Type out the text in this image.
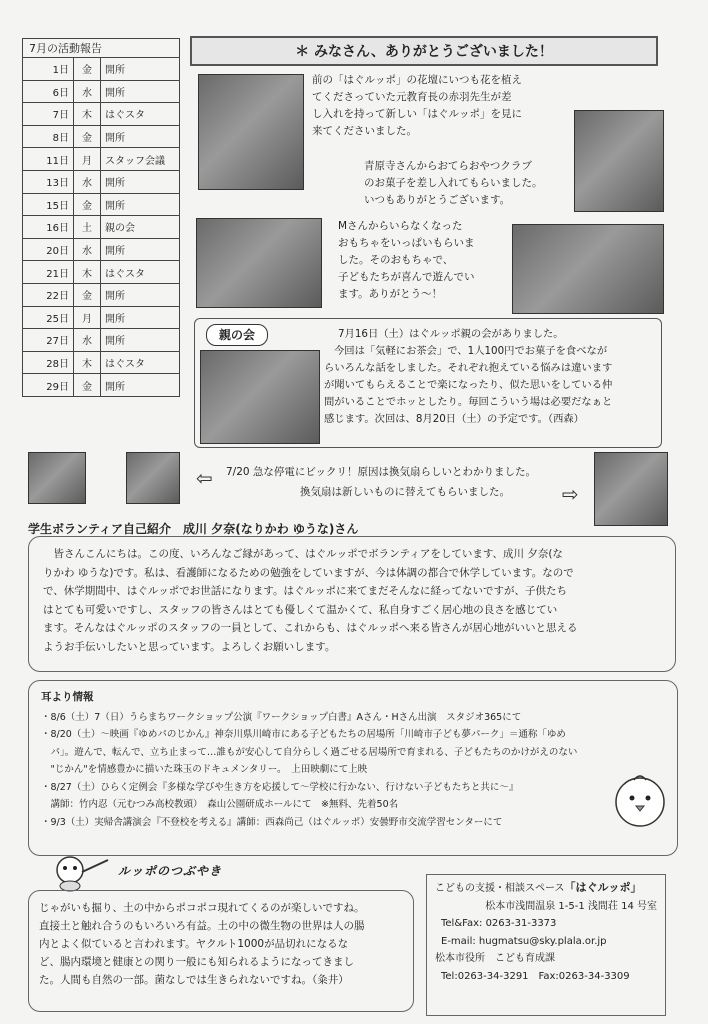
7月の活動報告
1日	金	開所
6日	水	開所
7日	木	はぐスタ
8日	金	開所
11日	月	スタッフ会議
13日	水	開所
15日	金	開所
16日	土	親の会
20日	水	開所
21日	木	はぐスタ
22日	金	開所
25日	月	開所
27日	水	開所
28日	木	はぐスタ
29日	金	開所
＊ みなさん、ありがとうございました！
前の「はぐルッポ」の花壇にいつも花を植え
てくださっていた元教育長の赤羽先生が差
し入れを持って新しい「はぐルッポ」を見に
来てくださいました。
青原寺さんからおてらおやつクラブ
のお菓子を差し入れてもらいました。
いつもありがとうございます。
Mさんからいらなくなった
おもちゃをいっぱいもらいま
した。そのおもちゃで、
子どもたちが喜んで遊んでい
ます。ありがとう～！
親の会	7月16日（土）はぐルッポ親の会がありました。
今回は「気軽にお茶会」で、1人100円でお菓子を食べなが
らいろんな話をしました。それぞれ抱えている悩みは違います
が聞いてもらえることで楽になったり、似た思いをしている仲
間がいることでホッとしたり。毎回こういう場は必要だなぁと
感じます。次回は、8月20日（土）の予定です。（西森）
⇦ 7/20 急な停電にビックリ！原因は換気扇らしいとわかりました。
換気扇は新しいものに替えてもらいました。	⇨
学生ボランティア自己紹介　成川 夕奈(なりかわ ゆうな)さん
　皆さんこんにちは。この度、いろんなご縁があって、はぐルッポでボランティアをしています、成川 夕奈(な
りかわ ゆうな)です。私は、看護師になるための勉強をしていますが、今は体調の都合で休学しています。なので
で、休学期間中、はぐルッポでお世話になります。はぐルッポに来てまだそんなに経ってないですが、子供たち
はとても可愛いですし、スタッフの皆さんはとても優しくて温かくて、私自身すごく居心地の良さを感じてい
ます。そんなはぐルッポのスタッフの一員として、これからも、はぐルッポへ来る皆さんが居心地がいいと思える
ようお手伝いしたいと思っています。よろしくお願いします。
耳より情報
・8/6（土）7（日）うらまちワークショップ公演『ワークショップ白書』Aさん・Hさん出演　スタジオ365にて
・8/20（土）～映画『ゆめパのじかん』神奈川県川崎市にある子どもたちの居場所「川崎市子ども夢パーク」＝通称「ゆめ
　パ」。遊んで、転んで、立ち止まって…誰もが安心して自分らしく過ごせる居場所で育まれる、子どもたちのかけがえのない
　"じかん"を情感豊かに描いた珠玉のドキュメンタリー。　上田映劇にて上映
・8/27（土）ひらく定例会『多様な学びや生き方を応援して～学校に行かない、行けない子どもたちと共に～』
　講師：竹内忍（元むつみ高校教頭）　森山公園研成ホールにて　※無料、先着50名
・9/3（土）実帰舎講演会『不登校を考える』講師：西森尚己（はぐルッポ）安曇野市交流学習センターにて
ルッポのつぶやき
じゃがいも掘り、土の中からポコポコ現れてくるのが楽しいですね。
直接土と触れ合うのもいろいろ有益。土の中の微生物の世界は人の腸
内とよく似ていると言われます。ヤクルト1000が品切れになるな
ど、腸内環境と健康との関り一般にも知られるようになってきまし
た。人間も自然の一部。菌なしでは生きられないですね。（粂井）
こどもの支援・相談スペース「はぐルッポ」
松本市浅間温泉 1-5-1 浅間荘 14 号室
Tel&Fax: 0263-31-3373
E-mail: hugmatsu@sky.plala.or.jp
松本市役所　こども育成課
Tel:0263-34-3291　Fax:0263-34-3309
